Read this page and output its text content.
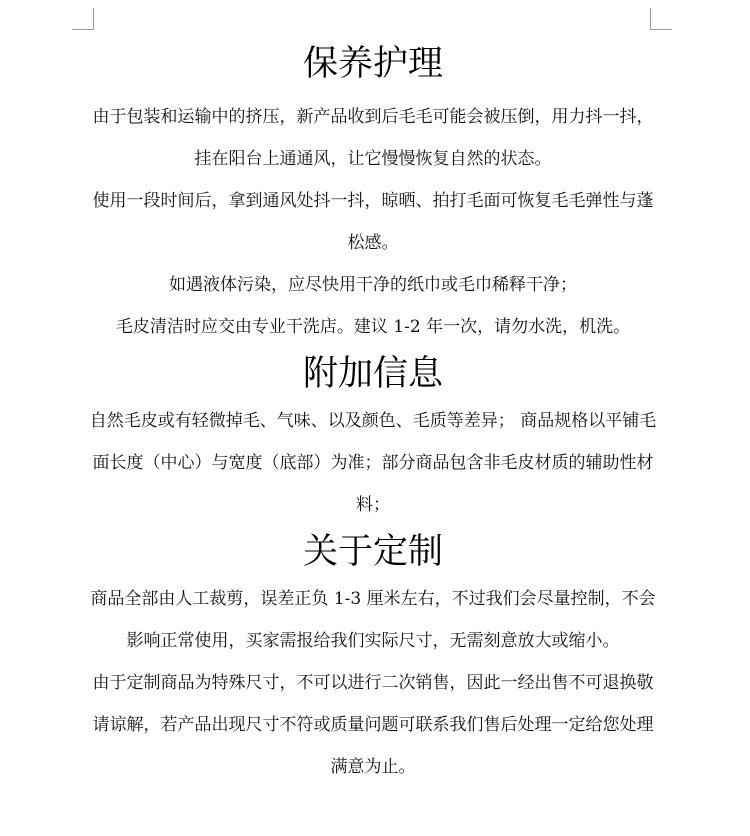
保养护理

由于包装和运输中的挤压，新产品收到后毛毛可能会被压倒，用力抖一抖，挂在阳台上通通风，让它慢慢恢复自然的状态。

使用一段时间后，拿到通风处抖一抖，晾晒、拍打毛面可恢复毛毛弹性与蓬松感。

如遇液体污染，应尽快用干净的纸巾或毛巾稀释干净；

毛皮清洁时应交由专业干洗店。建议 1-2 年一次，请勿水洗，机洗。

附加信息

自然毛皮或有轻微掉毛、气味、以及颜色、毛质等差异； 商品规格以平铺毛面长度（中心）与宽度（底部）为准；部分商品包含非毛皮材质的辅助性材料；

关于定制

商品全部由人工裁剪，误差正负 1-3 厘米左右，不过我们会尽量控制，不会影响正常使用，买家需报给我们实际尺寸，无需刻意放大或缩小。

由于定制商品为特殊尺寸，不可以进行二次销售，因此一经出售不可退换敬请谅解，若产品出现尺寸不符或质量问题可联系我们售后处理一定给您处理满意为止。
